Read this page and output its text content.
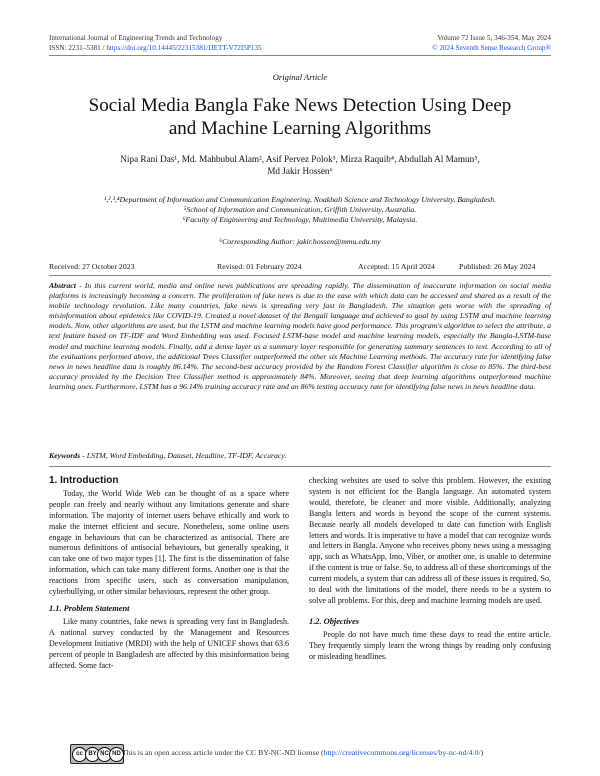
International Journal of Engineering Trends and Technology
ISSN: 2231–5381 / https://doi.org/10.14445/22315381/IJETT-V72I5P135
Volume 72 Issue 5, 346-354, May 2024
© 2024 Seventh Sense Research Group®
Original Article
Social Media Bangla Fake News Detection Using Deep
and Machine Learning Algorithms
Nipa Rani Das¹, Md. Mahbubul Alam², Asif Pervez Polok³, Mirza Raquib⁴, Abdullah Al Mamun⁵,
Md Jakir Hossen⁶
¹,²,³,⁴Department of Information and Communication Engineering, Noakhali Science and Technology University, Bangladesh.
⁵School of Information and Communication, Griffith University, Australia.
⁶Faculty of Engineering and Technology, Multimedia University, Malaysia.
⁶Corresponding Author: jakir.hossen@mmu.edu.my
Received: 27 October 2023	Revised: 01 February 2024	Accepted: 15 April 2024	Published: 26 May 2024
Abstract - In this current world, media and online news publications are spreading rapidly. The dissemination of inaccurate information on social media platforms is increasingly becoming a concern. The proliferation of fake news is due to the ease with which data can be accessed and shared as a result of the mobile technology revolution. Like many countries, fake news is spreading very fast in Bangladesh. The situation gets worse with the spreading of misinformation about epidemics like COVID-19. Created a novel dataset of the Bengali language and achieved to goal by using LSTM and machine learning models. Now, other algorithms are used, but the LSTM and machine learning models have good performance. This program's algorithm to select the attribute, a text feature based on TF-IDF and Word Embedding was used. Focused LSTM-base model and machine learning models, especially the Bangla-LSTM-base model and machine learning models. Finally, add a dense layer as a summary layer responsible for generating summary sentences to text. According to all of the evaluations performed above, the additional Trees Classifier outperformed the other six Machine Learning methods. The accuracy rate for identifying false news in news headline data is roughly 86.14%. The second-best accuracy provided by the Random Forest Classifier algorithm is close to 85%. The third-best accuracy provided by the Decision Tree Classifier method is approximately 84%. Moreover, seeing that deep learning algorithms outperformed machine learning ones. Furthermore, LSTM has a 96.14% training accuracy rate and an 86% testing accuracy rate for identifying false news in news headline data.
Keywords - LSTM, Word Embedding, Dataset, Headline, TF-IDF, Accuracy.
1. Introduction

Today, the World Wide Web can be thought of as a space where people can freely and nearly without any limitations generate and share information. The majority of internet users behave ethically and work to make the internet efficient and secure. Nonetheless, some online users engage in behaviours that can be characterized as antisocial. There are numerous definitions of antisocial behaviours, but generally speaking, it can take one of two major types [1]. The first is the dissemination of false information, which can take many different forms. Another one is that the reactions from specific users, such as conversation manipulation, cyberbullying, or other similar behaviours, represent the other group.

1.1. Problem Statement

Like many countries, fake news is spreading very fast in Bangladesh. A national survey conducted by the Management and Resources Development Initiative (MRDI) with the help of UNICEF shows that 63.6 percent of people in Bangladesh are affected by this misinformation being affected. Some fact-

checking websites are used to solve this problem. However, the existing system is not efficient for the Bangla language. An automated system would, therefore, be cleaner and more visible. Additionally, analyzing Bangla letters and words is beyond the scope of the current systems. Because nearly all models developed to date can function with English letters and words. It is imperative to have a model that can recognize words and letters in Bangla. Anyone who receives phony news using a messaging app, such as WhatsApp, Imo, Viber, or another one, is unable to determine if the content is true or false. So, to address all of these shortcomings of the current models, a system that can address all of these issues is required. So, to deal with the limitations of the model, there needs to be a system to solve all problems. For this, deep and machine learning models are used.

1.2. Objectives

People do not have much time these days to read the entire article. They frequently simply learn the wrong things by reading only confusing or misleading headlines.

cc BY NC ND This is an open access article under the CC BY-NC-ND license (http://creativecommons.org/licenses/by-nc-nd/4.0/)
